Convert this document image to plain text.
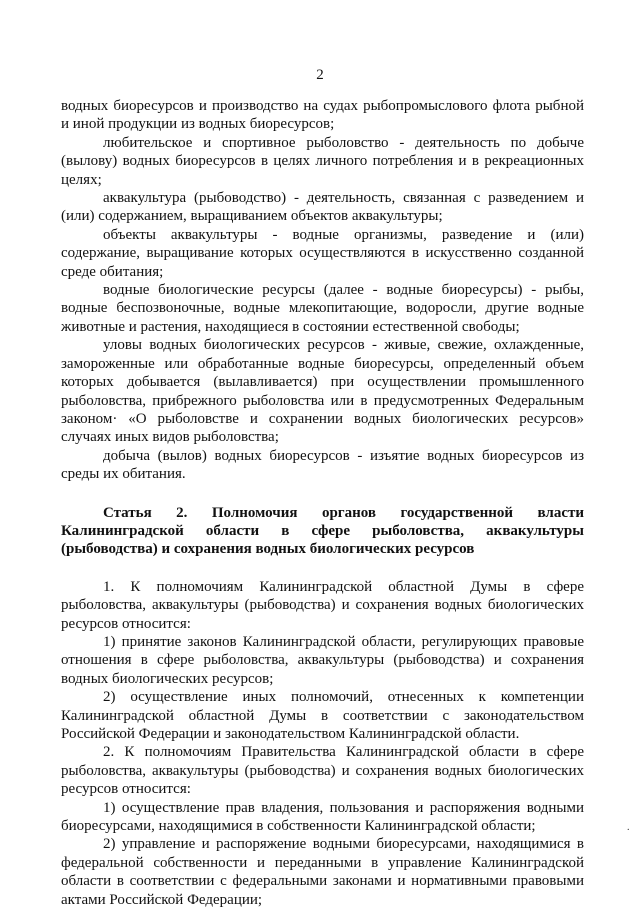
2

водных биоресурсов и производство на судах рыбопромыслового флота рыбной и иной продукции из водных биоресурсов;

любительское и спортивное рыболовство - деятельность по добыче (вылову) водных биоресурсов в целях личного потребления и в рекреационных целях;

аквакультура (рыбоводство) - деятельность, связанная с разведением и (или) содержанием, выращиванием объектов аквакультуры;

объекты аквакультуры - водные организмы, разведение и (или) содержание, выращивание которых осуществляются в искусственно созданной среде обитания;

водные биологические ресурсы (далее - водные биоресурсы) - рыбы, водные беспозвоночные, водные млекопитающие, водоросли, другие водные животные и растения, находящиеся в состоянии естественной свободы;

уловы водных биологических ресурсов - живые, свежие, охлажденные, замороженные или обработанные водные биоресурсы, определенный объем которых добывается (вылавливается) при осуществлении промышленного рыболовства, прибрежного рыболовства или в предусмотренных Федеральным законом· «О рыболовстве и сохранении водных биологических ресурсов» случаях иных видов рыболовства;

добыча (вылов) водных биоресурсов - изъятие водных биоресурсов из среды их обитания.

Статья 2. Полномочия органов государственной власти Калининградской области в сфере рыболовства, аквакультуры (рыбоводства) и сохранения водных биологических ресурсов

1. К полномочиям Калининградской областной Думы в сфере рыболовства, аквакультуры (рыбоводства) и сохранения водных биологических ресурсов относится:

1) принятие законов Калининградской области, регулирующих правовые отношения в сфере рыболовства, аквакультуры (рыбоводства) и сохранения водных биологических ресурсов;

2) осуществление иных полномочий, отнесенных к компетенции Калининградской областной Думы в соответствии с законодательством Российской Федерации и законодательством Калининградской области.

2. К полномочиям Правительства Калининградской области в сфере рыболовства, аквакультуры (рыбоводства) и сохранения водных биологических ресурсов относится:

1) осуществление прав владения, пользования и распоряжения водными биоресурсами, находящимися в собственности Калининградской области;

2) управление и распоряжение водными биоресурсами, находящимися в федеральной собственности и переданными в управление Калининградской области в соответствии с федеральными законами и нормативными правовыми актами Российской Федерации;

.
